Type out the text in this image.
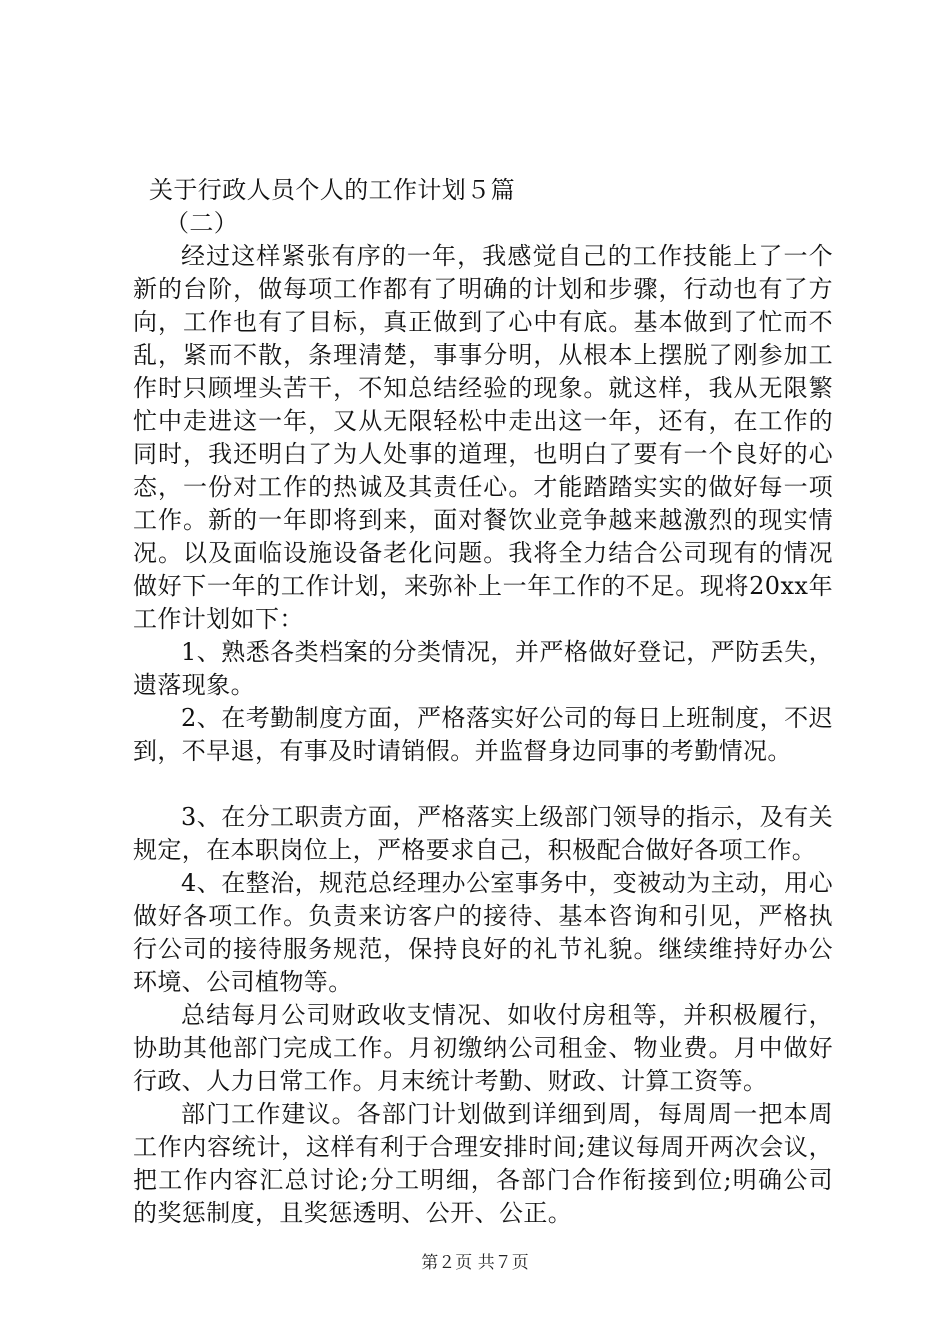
关于行政人员个人的工作计划５篇

（二）

经过这样紧张有序的一年，我感觉自己的工作技能上了一个新的台阶，做每项工作都有了明确的计划和步骤，行动也有了方向，工作也有了目标，真正做到了心中有底。基本做到了忙而不乱，紧而不散，条理清楚，事事分明，从根本上摆脱了刚参加工作时只顾埋头苦干，不知总结经验的现象。就这样，我从无限繁忙中走进这一年，又从无限轻松中走出这一年，还有，在工作的同时，我还明白了为人处事的道理，也明白了要有一个良好的心态，一份对工作的热诚及其责任心。才能踏踏实实的做好每一项工作。新的一年即将到来，面对餐饮业竞争越来越激烈的现实情况。以及面临设施设备老化问题。我将全力结合公司现有的情况做好下一年的工作计划，来弥补上一年工作的不足。现将20xx年工作计划如下：

1、熟悉各类档案的分类情况，并严格做好登记，严防丢失，遗落现象。

2、在考勤制度方面，严格落实好公司的每日上班制度，不迟到，不早退，有事及时请销假。并监督身边同事的考勤情况。

3、在分工职责方面，严格落实上级部门领导的指示，及有关规定，在本职岗位上，严格要求自己，积极配合做好各项工作。

4、在整治，规范总经理办公室事务中，变被动为主动，用心做好各项工作。负责来访客户的接待、基本咨询和引见，严格执行公司的接待服务规范，保持良好的礼节礼貌。继续维持好办公环境、公司植物等。

总结每月公司财政收支情况、如收付房租等，并积极履行，协助其他部门完成工作。月初缴纳公司租金、物业费。月中做好行政、人力日常工作。月末统计考勤、财政、计算工资等。

部门工作建议。各部门计划做到详细到周，每周周一把本周工作内容统计，这样有利于合理安排时间;建议每周开两次会议，把工作内容汇总讨论;分工明细，各部门合作衔接到位;明确公司的奖惩制度，且奖惩透明、公开、公正。

第２页 共７页
